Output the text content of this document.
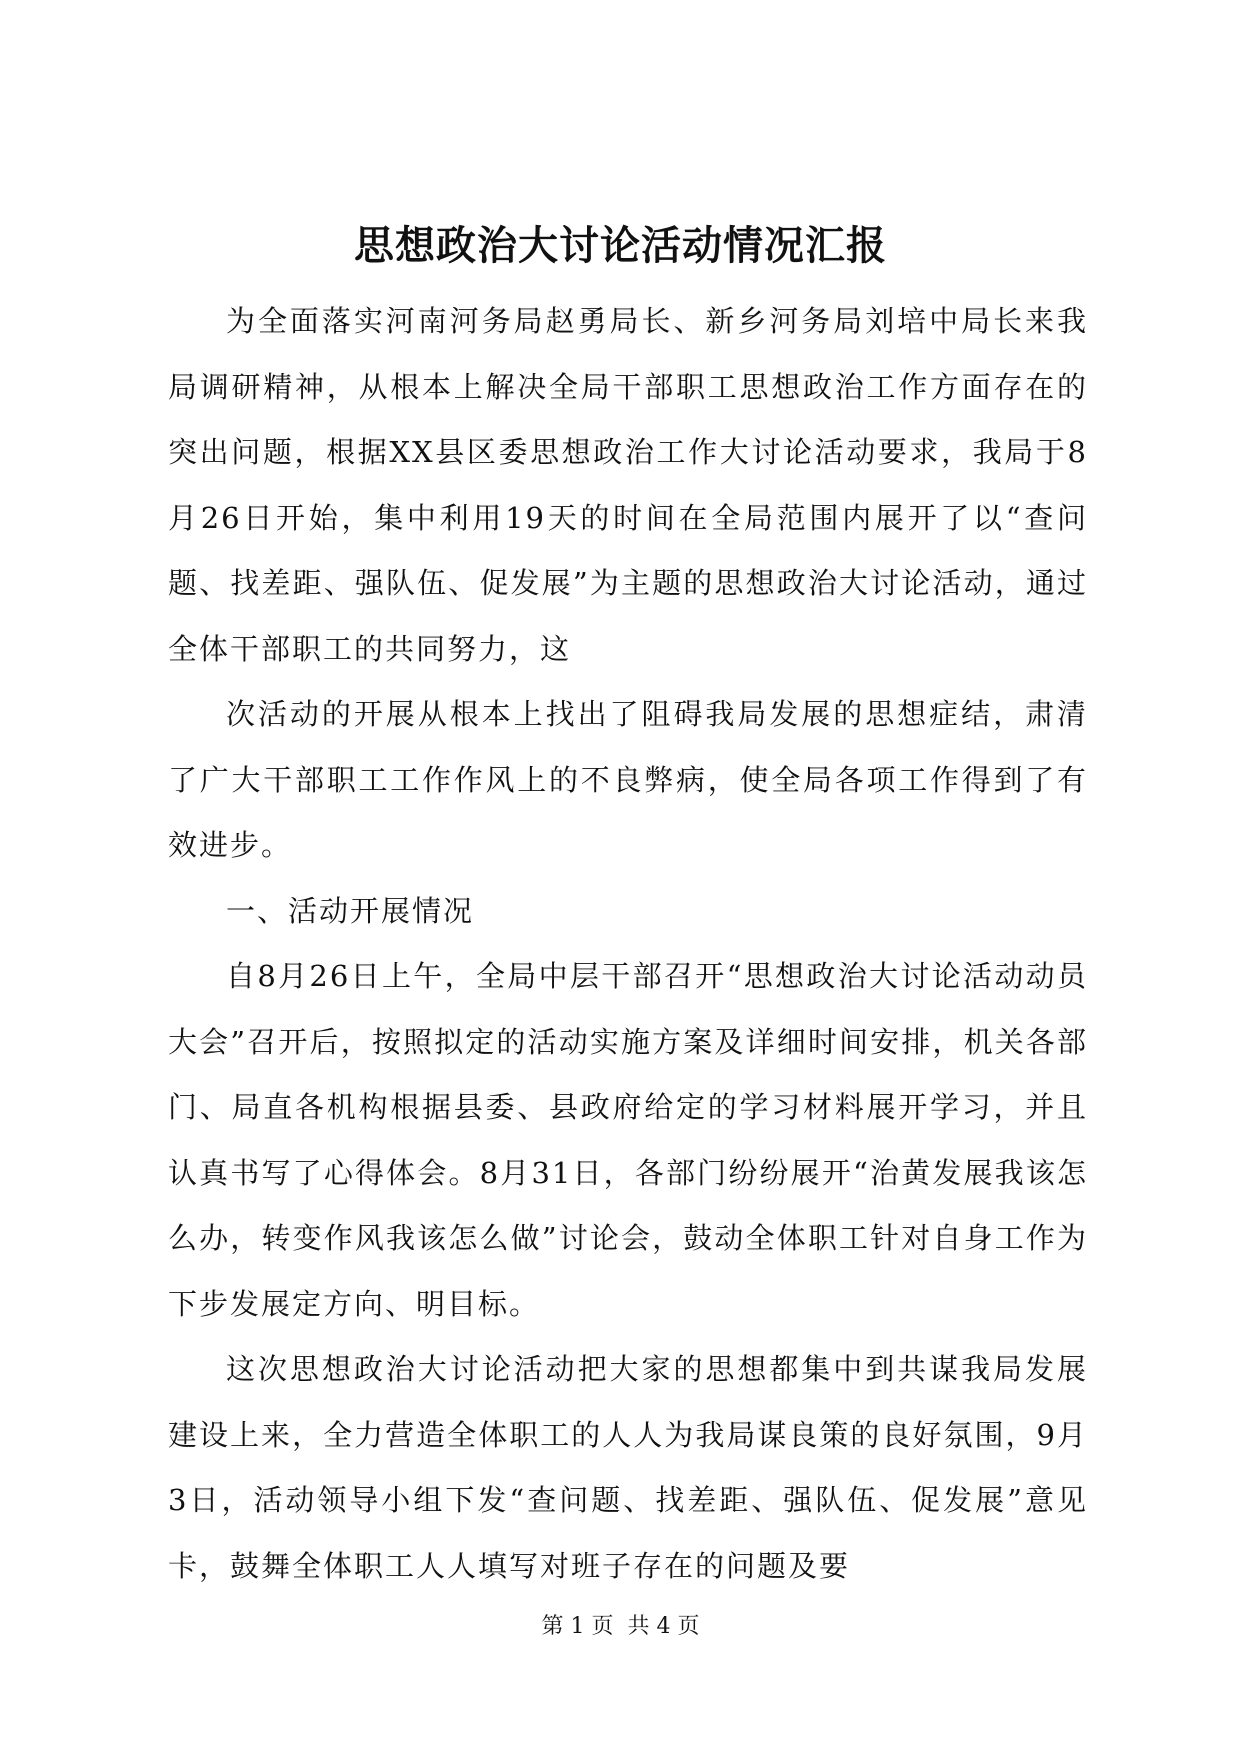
思想政治大讨论活动情况汇报

为全面落实河南河务局赵勇局长、新乡河务局刘培中局长来我局调研精神，从根本上解决全局干部职工思想政治工作方面存在的突出问题，根据XX县区委思想政治工作大讨论活动要求，我局于8月26日开始，集中利用19天的时间在全局范围内展开了以“查问题、找差距、强队伍、促发展”为主题的思想政治大讨论活动，通过全体干部职工的共同努力，这

次活动的开展从根本上找出了阻碍我局发展的思想症结，肃清了广大干部职工工作作风上的不良弊病，使全局各项工作得到了有效进步。

一、活动开展情况

自8月26日上午，全局中层干部召开“思想政治大讨论活动动员大会”召开后，按照拟定的活动实施方案及详细时间安排，机关各部门、局直各机构根据县委、县政府给定的学习材料展开学习，并且认真书写了心得体会。8月31日，各部门纷纷展开“治黄发展我该怎么办，转变作风我该怎么做”讨论会，鼓动全体职工针对自身工作为下步发展定方向、明目标。

这次思想政治大讨论活动把大家的思想都集中到共谋我局发展建设上来，全力营造全体职工的人人为我局谋良策的良好氛围，9月3日，活动领导小组下发“查问题、找差距、强队伍、促发展”意见卡，鼓舞全体职工人人填写对班子存在的问题及要

第 1 页  共 4 页
